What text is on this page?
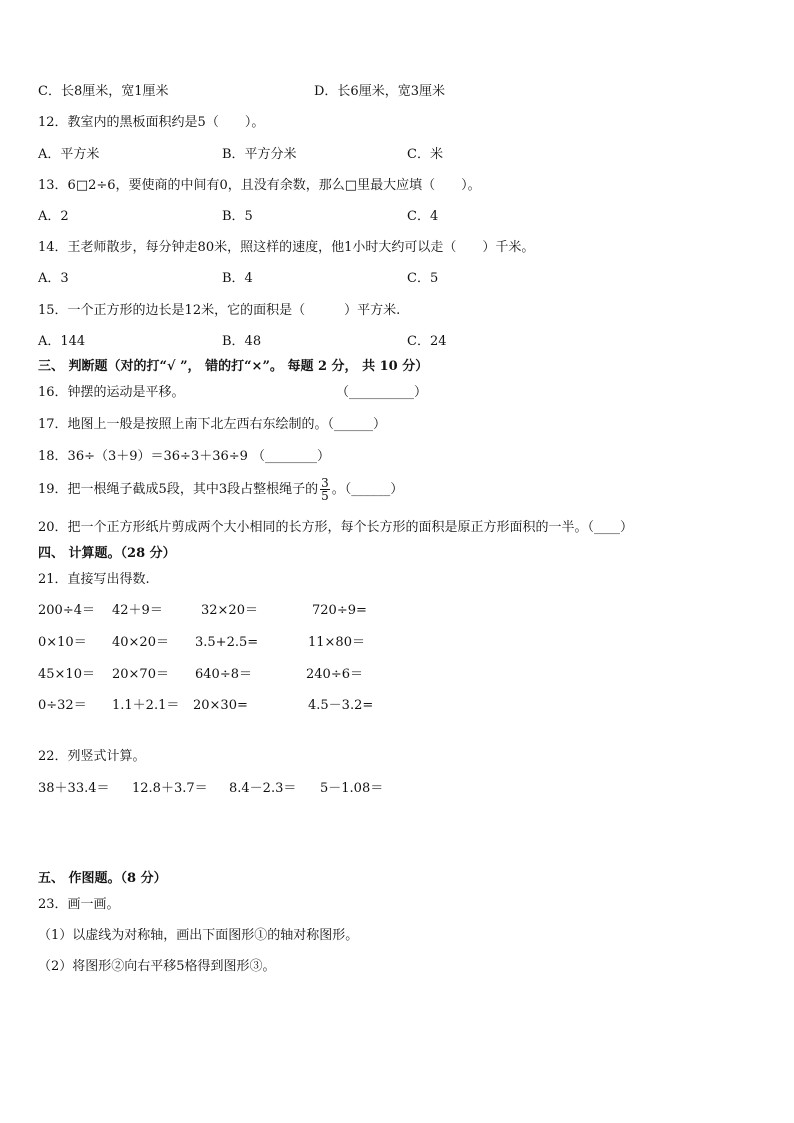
C．长8厘米，宽1厘米	D．长6厘米，宽3厘米
12．教室内的黑板面积约是5（　　）。
A．平方米	B．平方分米	C．米
13．6□2÷6，要使商的中间有0，且没有余数，那么□里最大应填（　　）。
A．2	B．5	C．4
14．王老师散步，每分钟走80米，照这样的速度，他1小时大约可以走（　　）千米。
A．3	B．4	C．5
15．一个正方形的边长是12米，它的面积是（　　　）平方米.
A．144	B．48	C．24
三、 判断题（对的打“√ ”， 错的打“×”。 每题 2 分， 共 10 分）
16．钟摆的运动是平移。	（__________）
17．地图上一般是按照上南下北左西右东绘制的。（______）
18．36÷（3＋9）＝36÷3＋36÷9 （________）
19．把一根绳子截成5段，其中3段占整根绳子的 $\frac{3}{5}$ 。（______）
20．把一个正方形纸片剪成两个大小相同的长方形，每个长方形的面积是原正方形面积的一半。（____）
四、 计算题。（28 分）
21．直接写出得数.
200÷4＝ 42＋9＝	32×20＝	720÷9=
0×10＝ 40×20＝ 3.5+2.5=	11×80＝
45×10＝ 20×70＝ 640÷8＝	240÷6＝
0÷32＝ 1.1＋2.1＝ 20×30=	4.5－3.2=
22．列竖式计算。
38＋33.4＝ 12.8＋3.7＝ 8.4－2.3＝ 5－1.08＝
五、 作图题。（8 分）
23．画一画。
（1）以虚线为对称轴，画出下面图形①的轴对称图形。
（2）将图形②向右平移5格得到图形③。
